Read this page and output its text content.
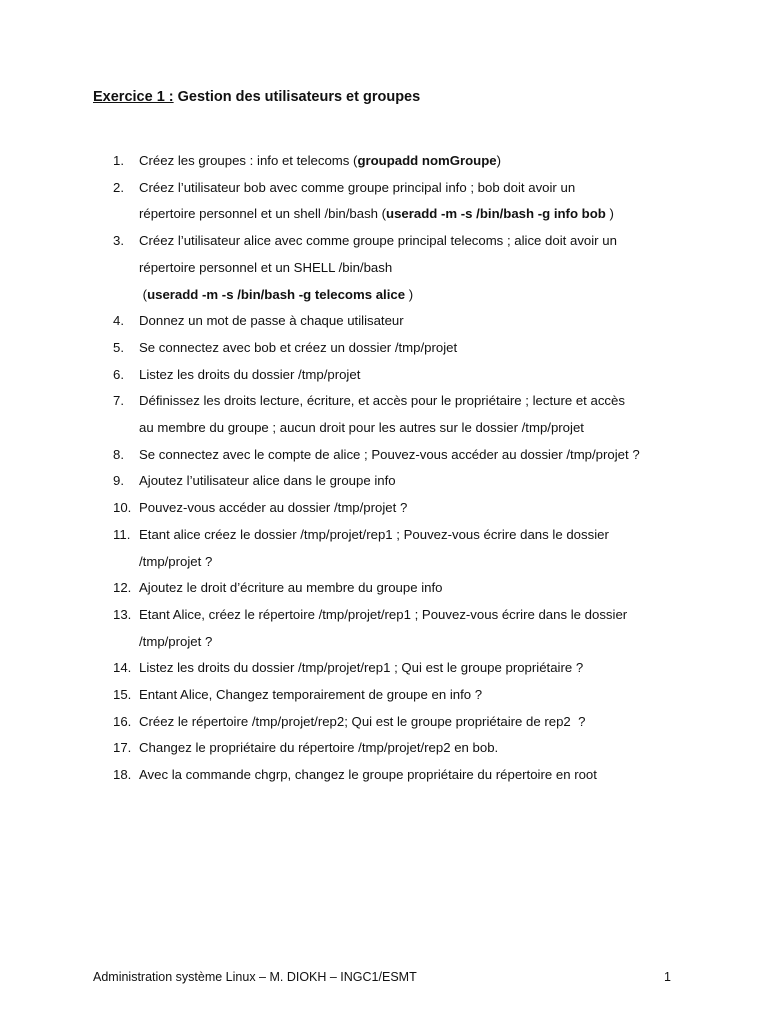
Exercice 1 : Gestion des utilisateurs et groupes
1.	Créez les groupes : info et telecoms (groupadd nomGroupe)
2.	Créez l’utilisateur bob avec comme groupe principal info ; bob doit avoir un
répertoire personnel et un shell /bin/bash (useradd -m -s /bin/bash -g info bob )
3.	Créez l’utilisateur alice avec comme groupe principal telecoms ; alice doit avoir un
répertoire personnel et un SHELL /bin/bash
(useradd -m -s /bin/bash -g telecoms alice )
4.	Donnez un mot de passe à chaque utilisateur
5.	Se connectez avec bob et créez un dossier /tmp/projet
6.	Listez les droits du dossier /tmp/projet
7.	Définissez les droits lecture, écriture, et accès pour le propriétaire ; lecture et accès
au membre du groupe ; aucun droit pour les autres sur le dossier /tmp/projet
8.	Se connectez avec le compte de alice ; Pouvez-vous accéder au dossier /tmp/projet ?
9.	Ajoutez l’utilisateur alice dans le groupe info
10. Pouvez-vous accéder au dossier /tmp/projet ?
11. Etant alice créez le dossier /tmp/projet/rep1 ; Pouvez-vous écrire dans le dossier
/tmp/projet ?
12. Ajoutez le droit d’écriture au membre du groupe info
13. Etant Alice, créez le répertoire /tmp/projet/rep1 ; Pouvez-vous écrire dans le dossier
/tmp/projet ?
14. Listez les droits du dossier /tmp/projet/rep1 ; Qui est le groupe propriétaire ?
15. Entant Alice, Changez temporairement de groupe en info ?
16. Créez le répertoire /tmp/projet/rep2; Qui est le groupe propriétaire de rep2  ?
17. Changez le propriétaire du répertoire /tmp/projet/rep2 en bob.
18. Avec la commande chgrp, changez le groupe propriétaire du répertoire en root
Administration système Linux – M. DIOKH – INGC1/ESMT	1
